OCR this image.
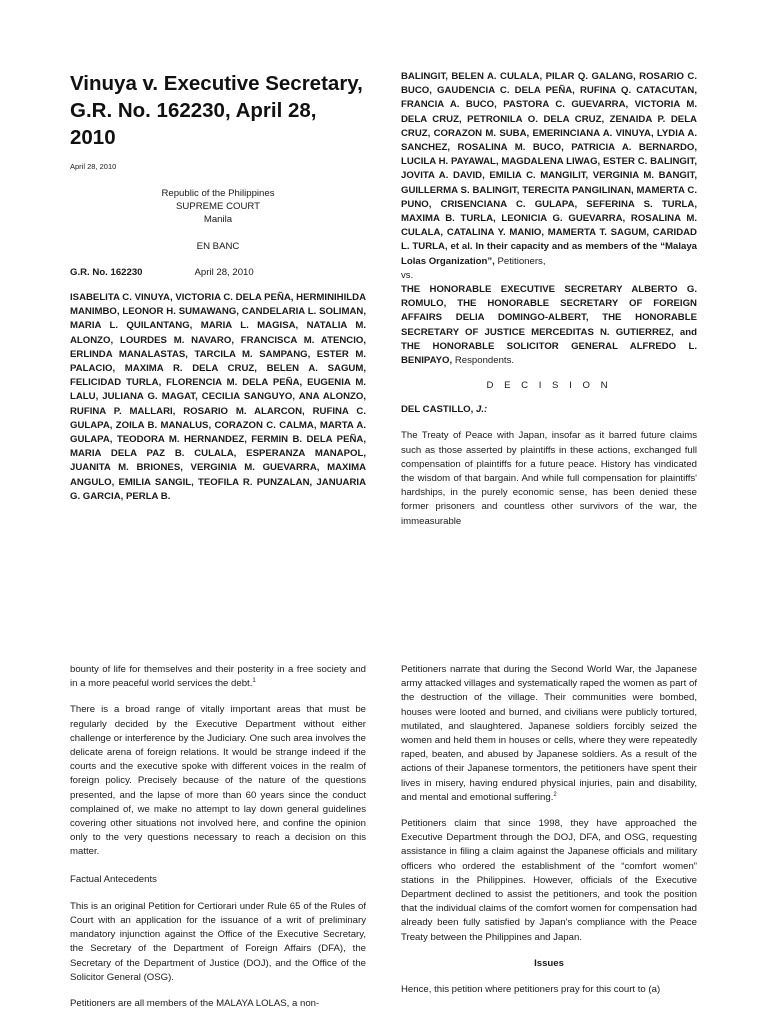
Vinuya v. Executive Secretary, G.R. No. 162230, April 28, 2010
April 28, 2010
Republic of the Philippines
SUPREME COURT
Manila
EN BANC
G.R. No. 162230	April 28, 2010

ISABELITA C. VINUYA, VICTORIA C. DELA PEÑA, HERMINIHILDA MANIMBO, LEONOR H. SUMAWANG, CANDELARIA L. SOLIMAN, MARIA L. QUILANTANG, MARIA L. MAGISA, NATALIA M. ALONZO, LOURDES M. NAVARO, FRANCISCA M. ATENCIO, ERLINDA MANALASTAS, TARCILA M. SAMPANG, ESTER M. PALACIO, MAXIMA R. DELA CRUZ, BELEN A. SAGUM, FELICIDAD TURLA, FLORENCIA M. DELA PEÑA, EUGENIA M. LALU, JULIANA G. MAGAT, CECILIA SANGUYO, ANA ALONZO, RUFINA P. MALLARI, ROSARIO M. ALARCON, RUFINA C. GULAPA, ZOILA B. MANALUS, CORAZON C. CALMA, MARTA A. GULAPA, TEODORA M. HERNANDEZ, FERMIN B. DELA PEÑA, MARIA DELA PAZ B. CULALA, ESPERANZA MANAPOL, JUANITA M. BRIONES, VERGINIA M. GUEVARRA, MAXIMA ANGULO, EMILIA SANGIL, TEOFILA R. PUNZALAN, JANUARIA G. GARCIA, PERLA B.

BALINGIT, BELEN A. CULALA, PILAR Q. GALANG, ROSARIO C. BUCO, GAUDENCIA C. DELA PEÑA, RUFINA Q. CATACUTAN, FRANCIA A. BUCO, PASTORA C. GUEVARRA, VICTORIA M. DELA CRUZ, PETRONILA O. DELA CRUZ, ZENAIDA P. DELA CRUZ, CORAZON M. SUBA, EMERINCIANA A. VINUYA, LYDIA A. SANCHEZ, ROSALINA M. BUCO, PATRICIA A. BERNARDO, LUCILA H. PAYAWAL, MAGDALENA LIWAG, ESTER C. BALINGIT, JOVITA A. DAVID, EMILIA C. MANGILIT, VERGINIA M. BANGIT, GUILLERMA S. BALINGIT, TERECITA PANGILINAN, MAMERTA C. PUNO, CRISENCIANA C. GULAPA, SEFERINA S. TURLA, MAXIMA B. TURLA, LEONICIA G. GUEVARRA, ROSALINA M. CULALA, CATALINA Y. MANIO, MAMERTA T. SAGUM, CARIDAD L. TURLA, et al. In their capacity and as members of the “Malaya Lolas Organization”, Petitioners,

vs.

THE HONORABLE EXECUTIVE SECRETARY ALBERTO G. ROMULO, THE HONORABLE SECRETARY OF FOREIGN AFFAIRS DELIA DOMINGO-ALBERT, THE HONORABLE SECRETARY OF JUSTICE MERCEDITAS N. GUTIERREZ, and THE HONORABLE SOLICITOR GENERAL ALFREDO L. BENIPAYO, Respondents.

D E C I S I O N

DEL CASTILLO, J.:

The Treaty of Peace with Japan, insofar as it barred future claims such as those asserted by plaintiffs in these actions, exchanged full compensation of plaintiffs for a future peace. History has vindicated the wisdom of that bargain. And while full compensation for plaintiffs' hardships, in the purely economic sense, has been denied these former prisoners and countless other survivors of the war, the immeasurable

bounty of life for themselves and their posterity in a free society and in a more peaceful world services the debt.$^1$

There is a broad range of vitally important areas that must be regularly decided by the Executive Department without either challenge or interference by the Judiciary. One such area involves the delicate arena of foreign relations. It would be strange indeed if the courts and the executive spoke with different voices in the realm of foreign policy. Precisely because of the nature of the questions presented, and the lapse of more than 60 years since the conduct complained of, we make no attempt to lay down general guidelines covering other situations not involved here, and confine the opinion only to the very questions necessary to reach a decision on this matter.

Factual Antecedents

This is an original Petition for Certiorari under Rule 65 of the Rules of Court with an application for the issuance of a writ of preliminary mandatory injunction against the Office of the Executive Secretary, the Secretary of the Department of Foreign Affairs (DFA), the Secretary of the Department of Justice (DOJ), and the Office of the Solicitor General (OSG).

Petitioners are all members of the MALAYA LOLAS, a non-

Petitioners narrate that during the Second World War, the Japanese army attacked villages and systematically raped the women as part of the destruction of the village. Their communities were bombed, houses were looted and burned, and civilians were publicly tortured, mutilated, and slaughtered. Japanese soldiers forcibly seized the women and held them in houses or cells, where they were repeatedly raped, beaten, and abused by Japanese soldiers. As a result of the actions of their Japanese tormentors, the petitioners have spent their lives in misery, having endured physical injuries, pain and disability, and mental and emotional suffering.$^2$

Petitioners claim that since 1998, they have approached the Executive Department through the DOJ, DFA, and OSG, requesting assistance in filing a claim against the Japanese officials and military officers who ordered the establishment of the “comfort women” stations in the Philippines. However, officials of the Executive Department declined to assist the petitioners, and took the position that the individual claims of the comfort women for compensation had already been fully satisfied by Japan’s compliance with the Peace Treaty between the Philippines and Japan.

Issues

Hence, this petition where petitioners pray for this court to (a)
